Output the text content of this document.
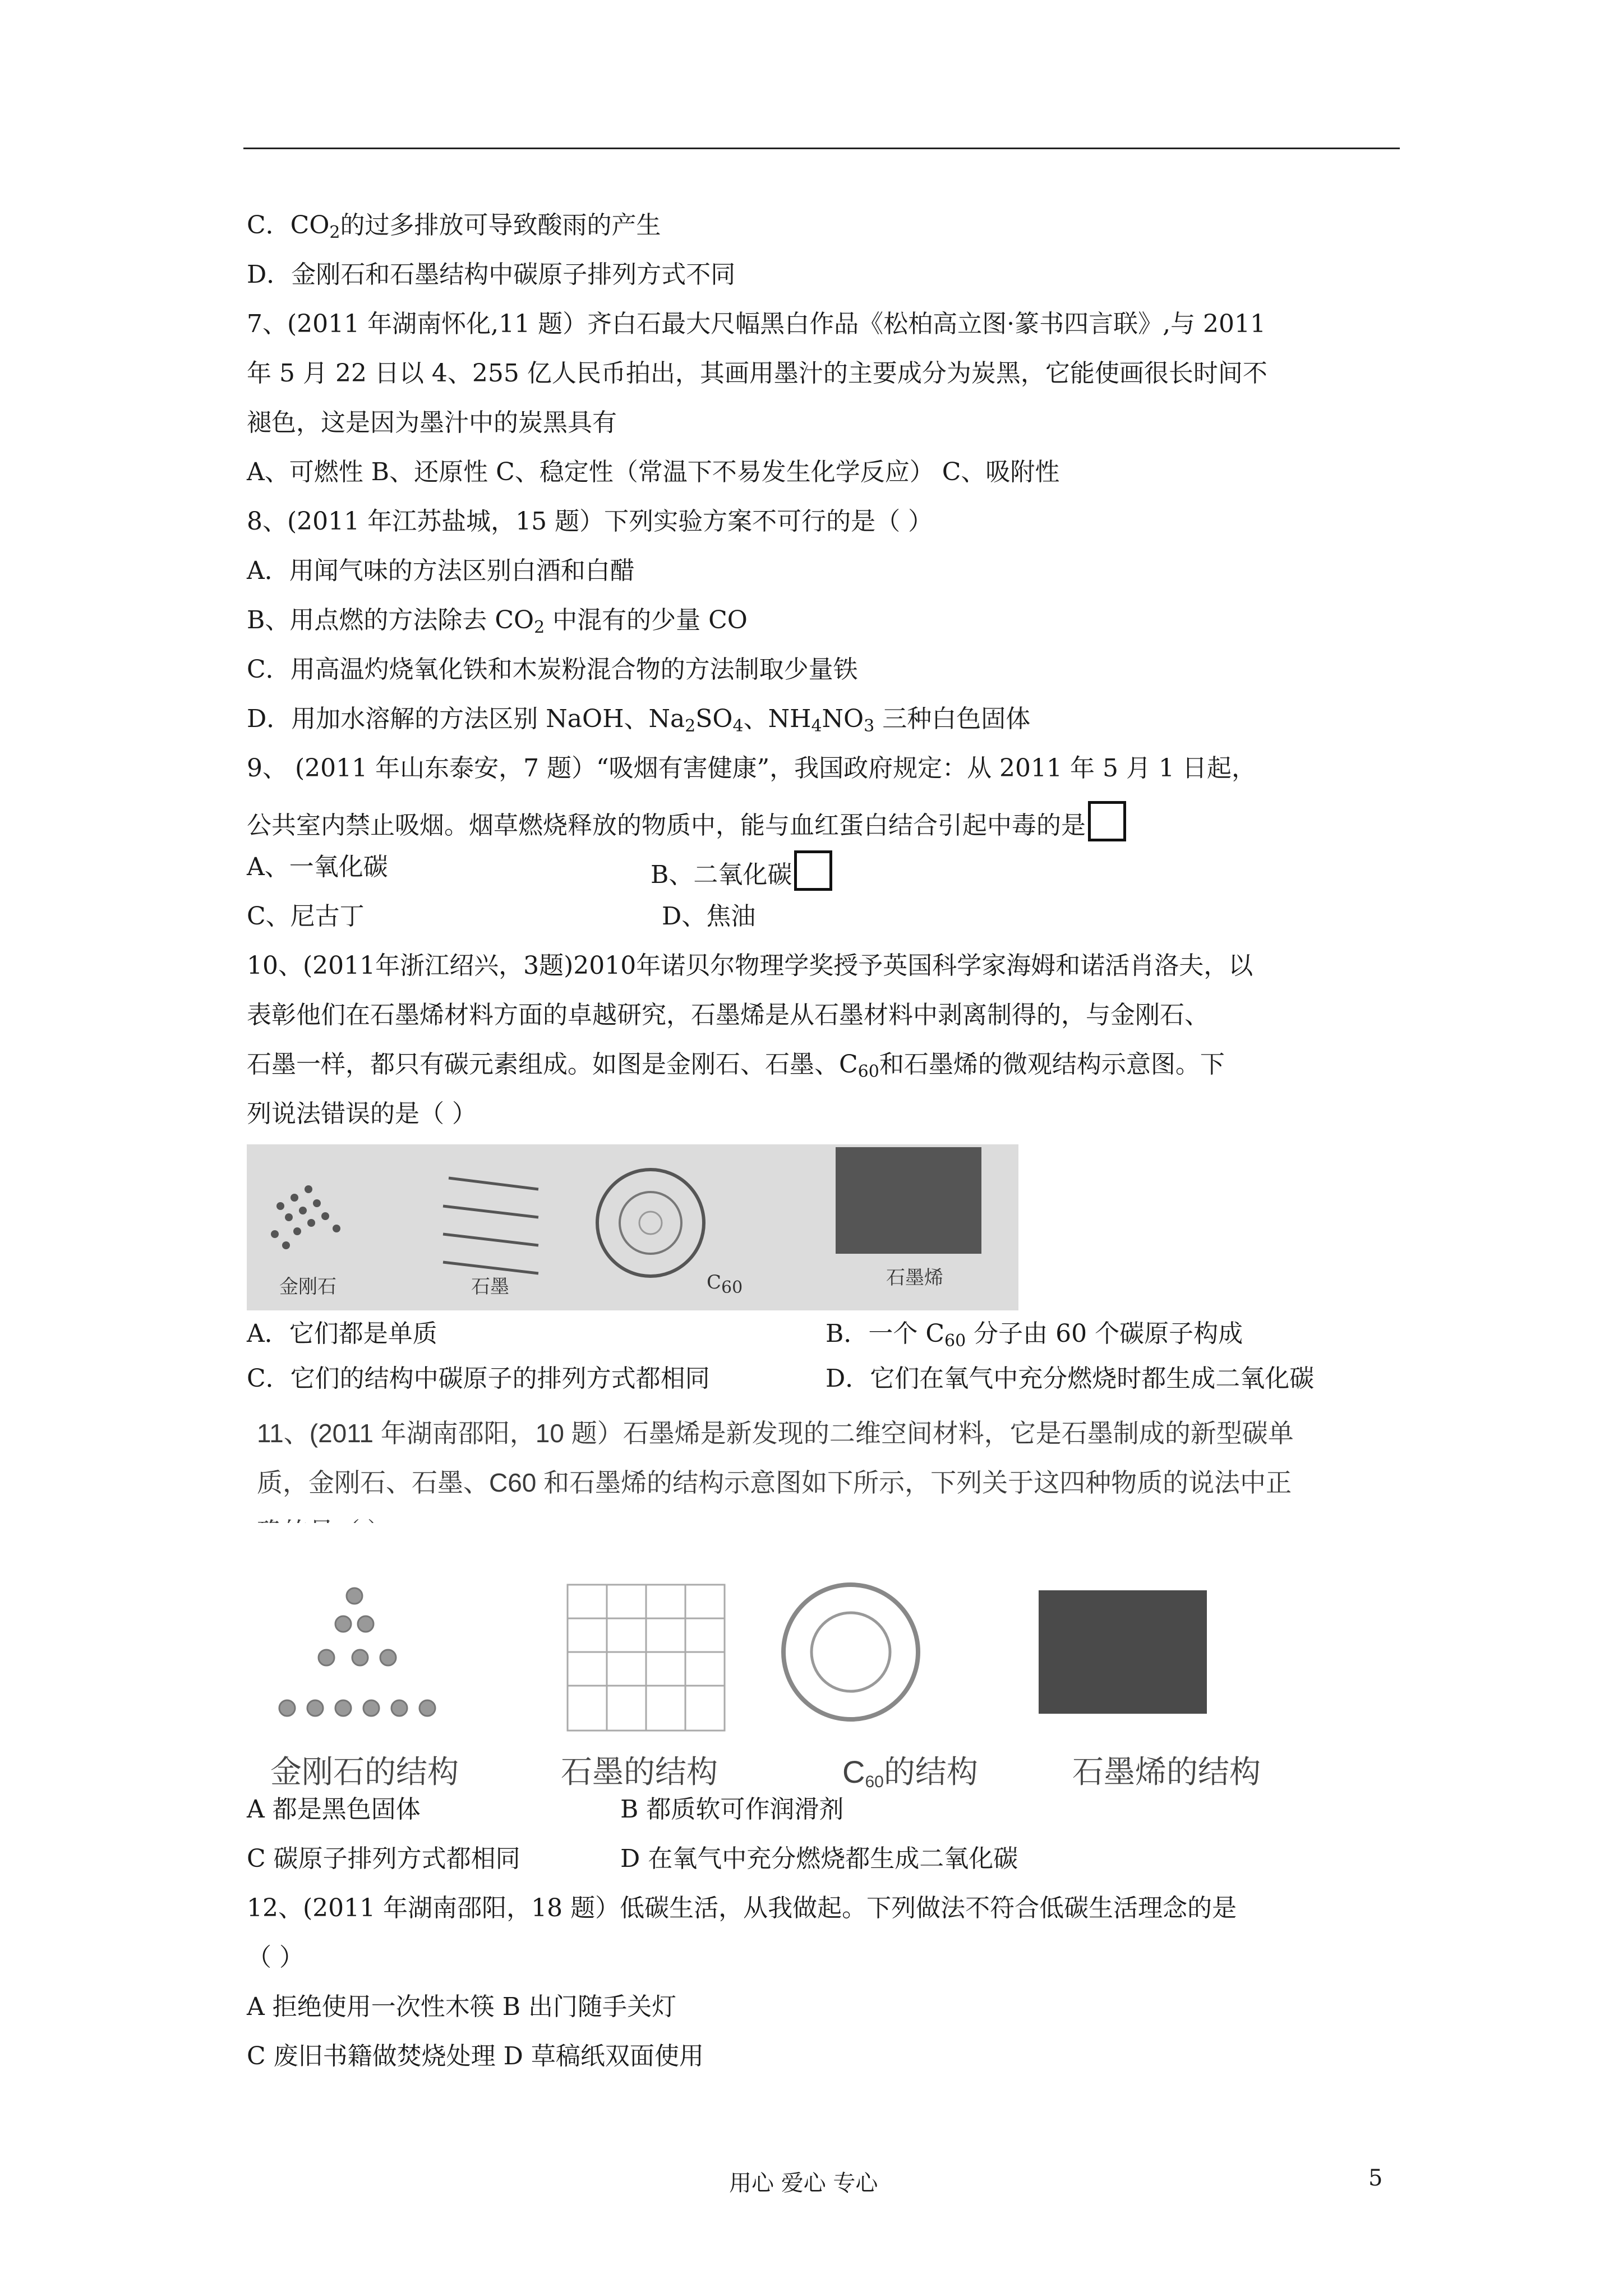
C．$CO_2$的过多排放可导致酸雨的产生
D．金刚石和石墨结构中碳原子排列方式不同
7、(2011 年湖南怀化,11 题）齐白石最大尺幅黑白作品《松柏高立图·篆书四言联》,与 2011
年 5 月 22 日以 4、255 亿人民币拍出，其画用墨汁的主要成分为炭黑，它能使画很长时间不
褪色，这是因为墨汁中的炭黑具有
A、可燃性 B、还原性 C、稳定性（常温下不易发生化学反应） C、吸附性
8、(2011 年江苏盐城，15 题）下列实验方案不可行的是（ ）
A．用闻气味的方法区别白酒和白醋
B、用点燃的方法除去 $CO_2$ 中混有的少量 CO
C．用高温灼烧氧化铁和木炭粉混合物的方法制取少量铁
D．用加水溶解的方法区别 NaOH、$Na_2SO_4$、$NH_4NO_3$ 三种白色固体
9、 (2011 年山东泰安，7 题）“吸烟有害健康”，我国政府规定：从 2011 年 5 月 1 日起，
公共室内禁止吸烟。烟草燃烧释放的物质中，能与血红蛋白结合引起中毒的是
A、一氧化碳	B、二氧化碳
C、尼古丁	D、焦油
10、(2011年浙江绍兴，3题)2010年诺贝尔物理学奖授予英国科学家海姆和诺活肖洛夫，以
表彰他们在石墨烯材料方面的卓越研究，石墨烯是从石墨材料中剥离制得的，与金刚石、
石墨一样，都只有碳元素组成。如图是金刚石、石墨、$C_{60}$和石墨烯的微观结构示意图。下
列说法错误的是（ ）
金刚石	石墨	$C_{60}$	石墨烯
A．它们都是单质	B．一个 $C_{60}$ 分子由 60 个碳原子构成
C．它们的结构中碳原子的排列方式都相同	D．它们在氧气中充分燃烧时都生成二氧化碳
11、(2011 年湖南邵阳，10 题）石墨烯是新发现的二维空间材料，它是石墨制成的新型碳单
质，金刚石、石墨、C60 和石墨烯的结构示意图如下所示，下列关于这四种物质的说法中正
金刚石的结构	石墨的结构	$C_{60}$的结构	石墨烯的结构
A 都是黑色固体	B 都质软可作润滑剂
C 碳原子排列方式都相同	D 在氧气中充分燃烧都生成二氧化碳
12、(2011 年湖南邵阳，18 题）低碳生活，从我做起。下列做法不符合低碳生活理念的是
（ ）
A 拒绝使用一次性木筷 B 出门随手关灯
C 废旧书籍做焚烧处理 D 草稿纸双面使用
用心 爱心 专心	5
